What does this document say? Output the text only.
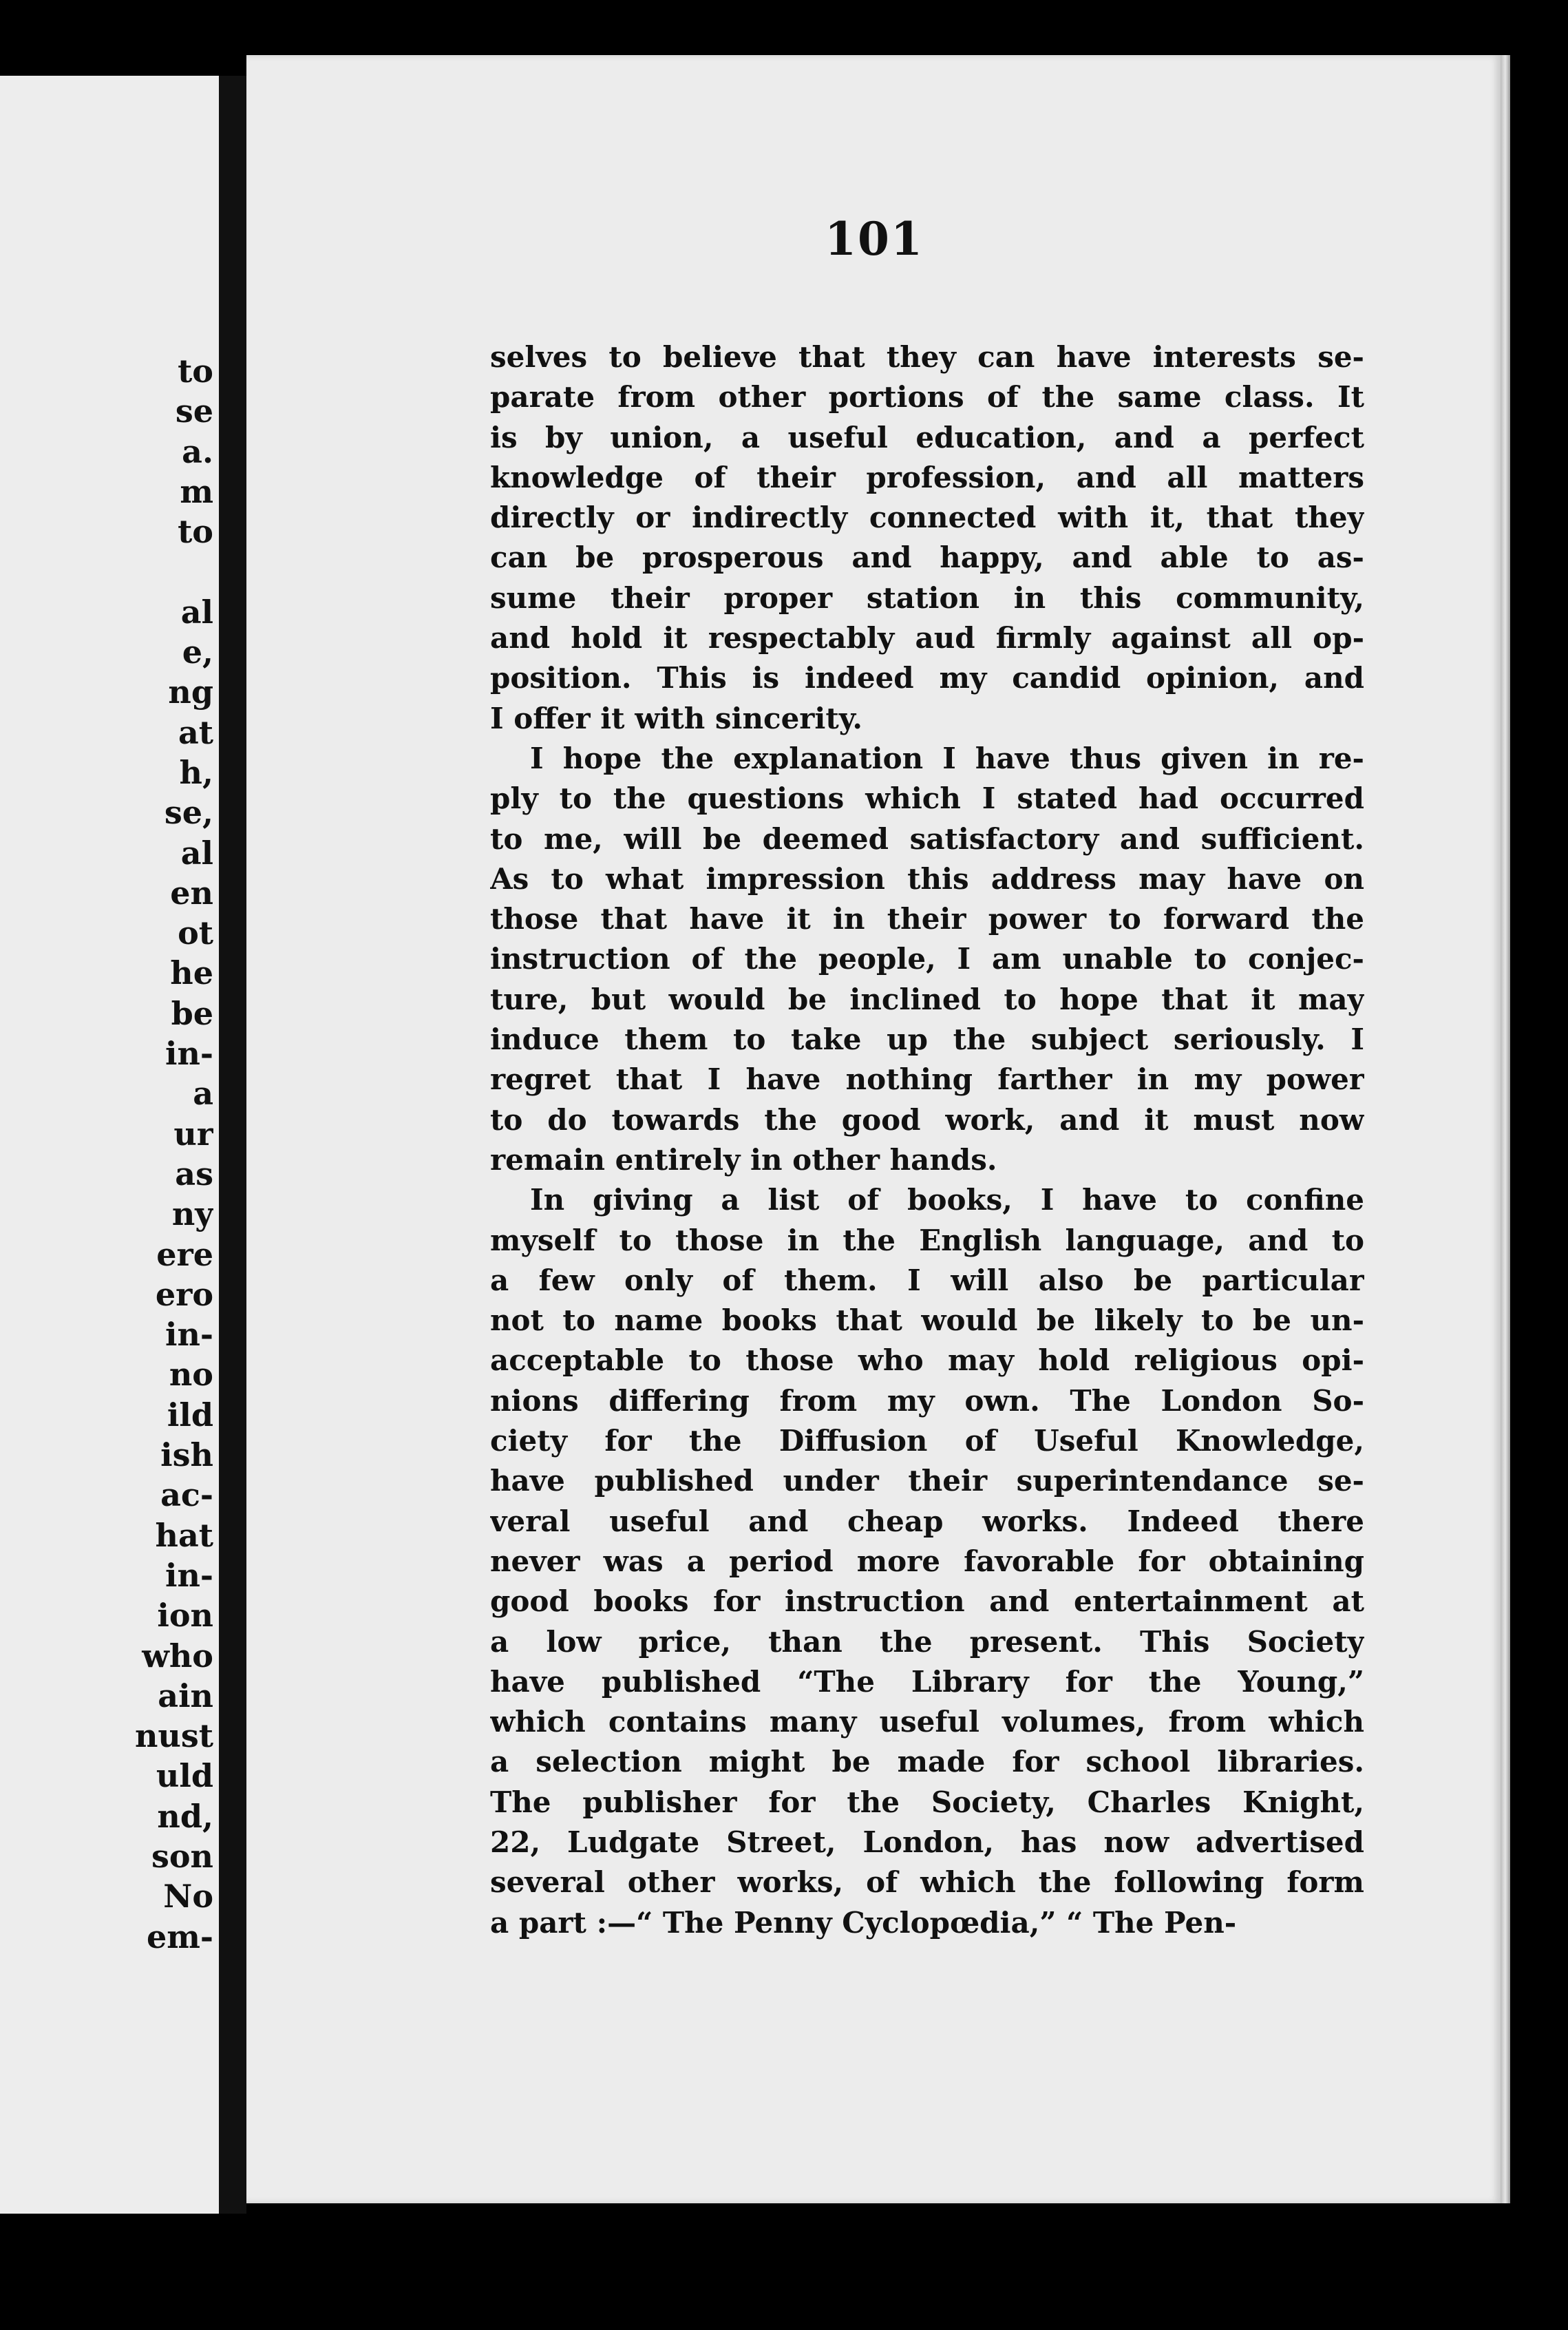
to
se
a.
m
to
al
e,
ng
at
h,
se,
al
en
ot
he
be
in-
a
ur
as
ny
ere
ero
in-
no
ild
ish
ac-
hat
in-
ion
who
ain
nust
uld
nd,
son
No
em-
101
selves to believe that they can have interests se-
parate from other portions of the same class. It
is by union, a useful education, and a perfect
knowledge of their profession, and all matters
directly or indirectly connected with it, that they
can be prosperous and happy, and able to as-
sume their proper station in this community,
and hold it respectably aud firmly against all op-
position. This is indeed my candid opinion, and
I offer it with sincerity.
I hope the explanation I have thus given in re-
ply to the questions which I stated had occurred
to me, will be deemed satisfactory and sufficient.
As to what impression this address may have on
those that have it in their power to forward the
instruction of the people, I am unable to conjec-
ture, but would be inclined to hope that it may
induce them to take up the subject seriously. I
regret that I have nothing farther in my power
to do towards the good work, and it must now
remain entirely in other hands.
In giving a list of books, I have to confine
myself to those in the English language, and to
a few only of them. I will also be particular
not to name books that would be likely to be un-
acceptable to those who may hold religious opi-
nions differing from my own. The London So-
ciety for the Diffusion of Useful Knowledge,
have published under their superintendance se-
veral useful and cheap works. Indeed there
never was a period more favorable for obtaining
good books for instruction and entertainment at
a low price, than the present. This Society
have published “The Library for the Young,”
which contains many useful volumes, from which
a selection might be made for school libraries.
The publisher for the Society, Charles Knight,
22, Ludgate Street, London, has now advertised
several other works, of which the following form
a part :—“ The Penny Cyclopœdia,” “ The Pen-
